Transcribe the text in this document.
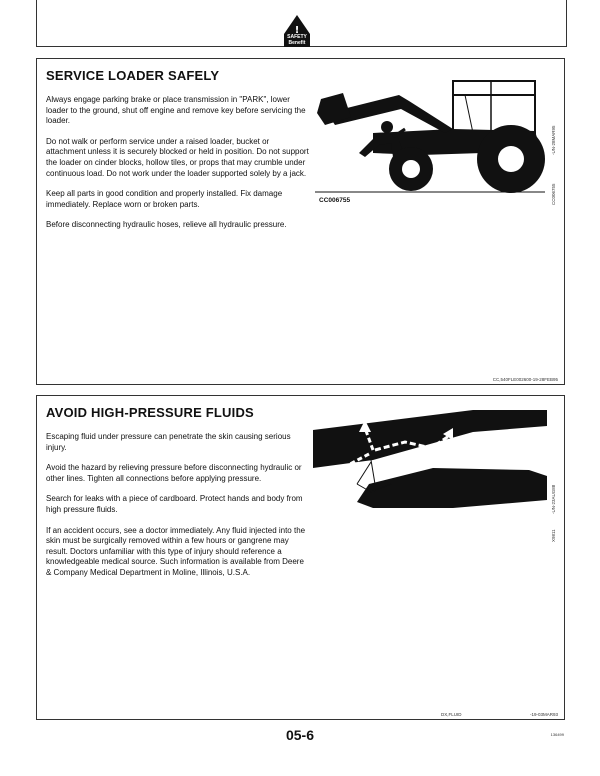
!
SAFETY
Benefit
SERVICE LOADER SAFELY

Always engage parking brake or place transmission in "PARK", lower loader to the ground, shut off engine and remove key before servicing the loader.

Do not walk or perform service under a raised loader, bucket or attachment unless it is securely blocked or held in position. Do not support the loader on cinder blocks, hollow tiles, or props that may crumble under continuous load. Do not work under the loader supported solely by a jack.

Keep all parts in good condition and properly installed. Fix damage immediately. Replace worn or broken parts.

Before disconnecting hydraulic hoses, relieve all hydraulic pressure.

CC006755
-UN-28MAR95
CC006755
CC,540FLE002600-19-28FEB95
AVOID HIGH-PRESSURE FLUIDS

Escaping fluid under pressure can penetrate the skin causing serious injury.

Avoid the hazard by relieving pressure before disconnecting hydraulic or other lines. Tighten all connections before applying pressure.

Search for leaks with a piece of cardboard. Protect hands and body from high pressure fluids.

If an accident occurs, see a doctor immediately. Any fluid injected into the skin must be surgically removed within a few hours or gangrene may result. Doctors unfamiliar with this type of injury should reference a knowledgeable medical source. Such information is available from Deere & Company Medical Department in Moline, Illinois, U.S.A.

-UN-23AUG88
X9811
DX,FLUID	-19-03MAR93
05-6	136499
